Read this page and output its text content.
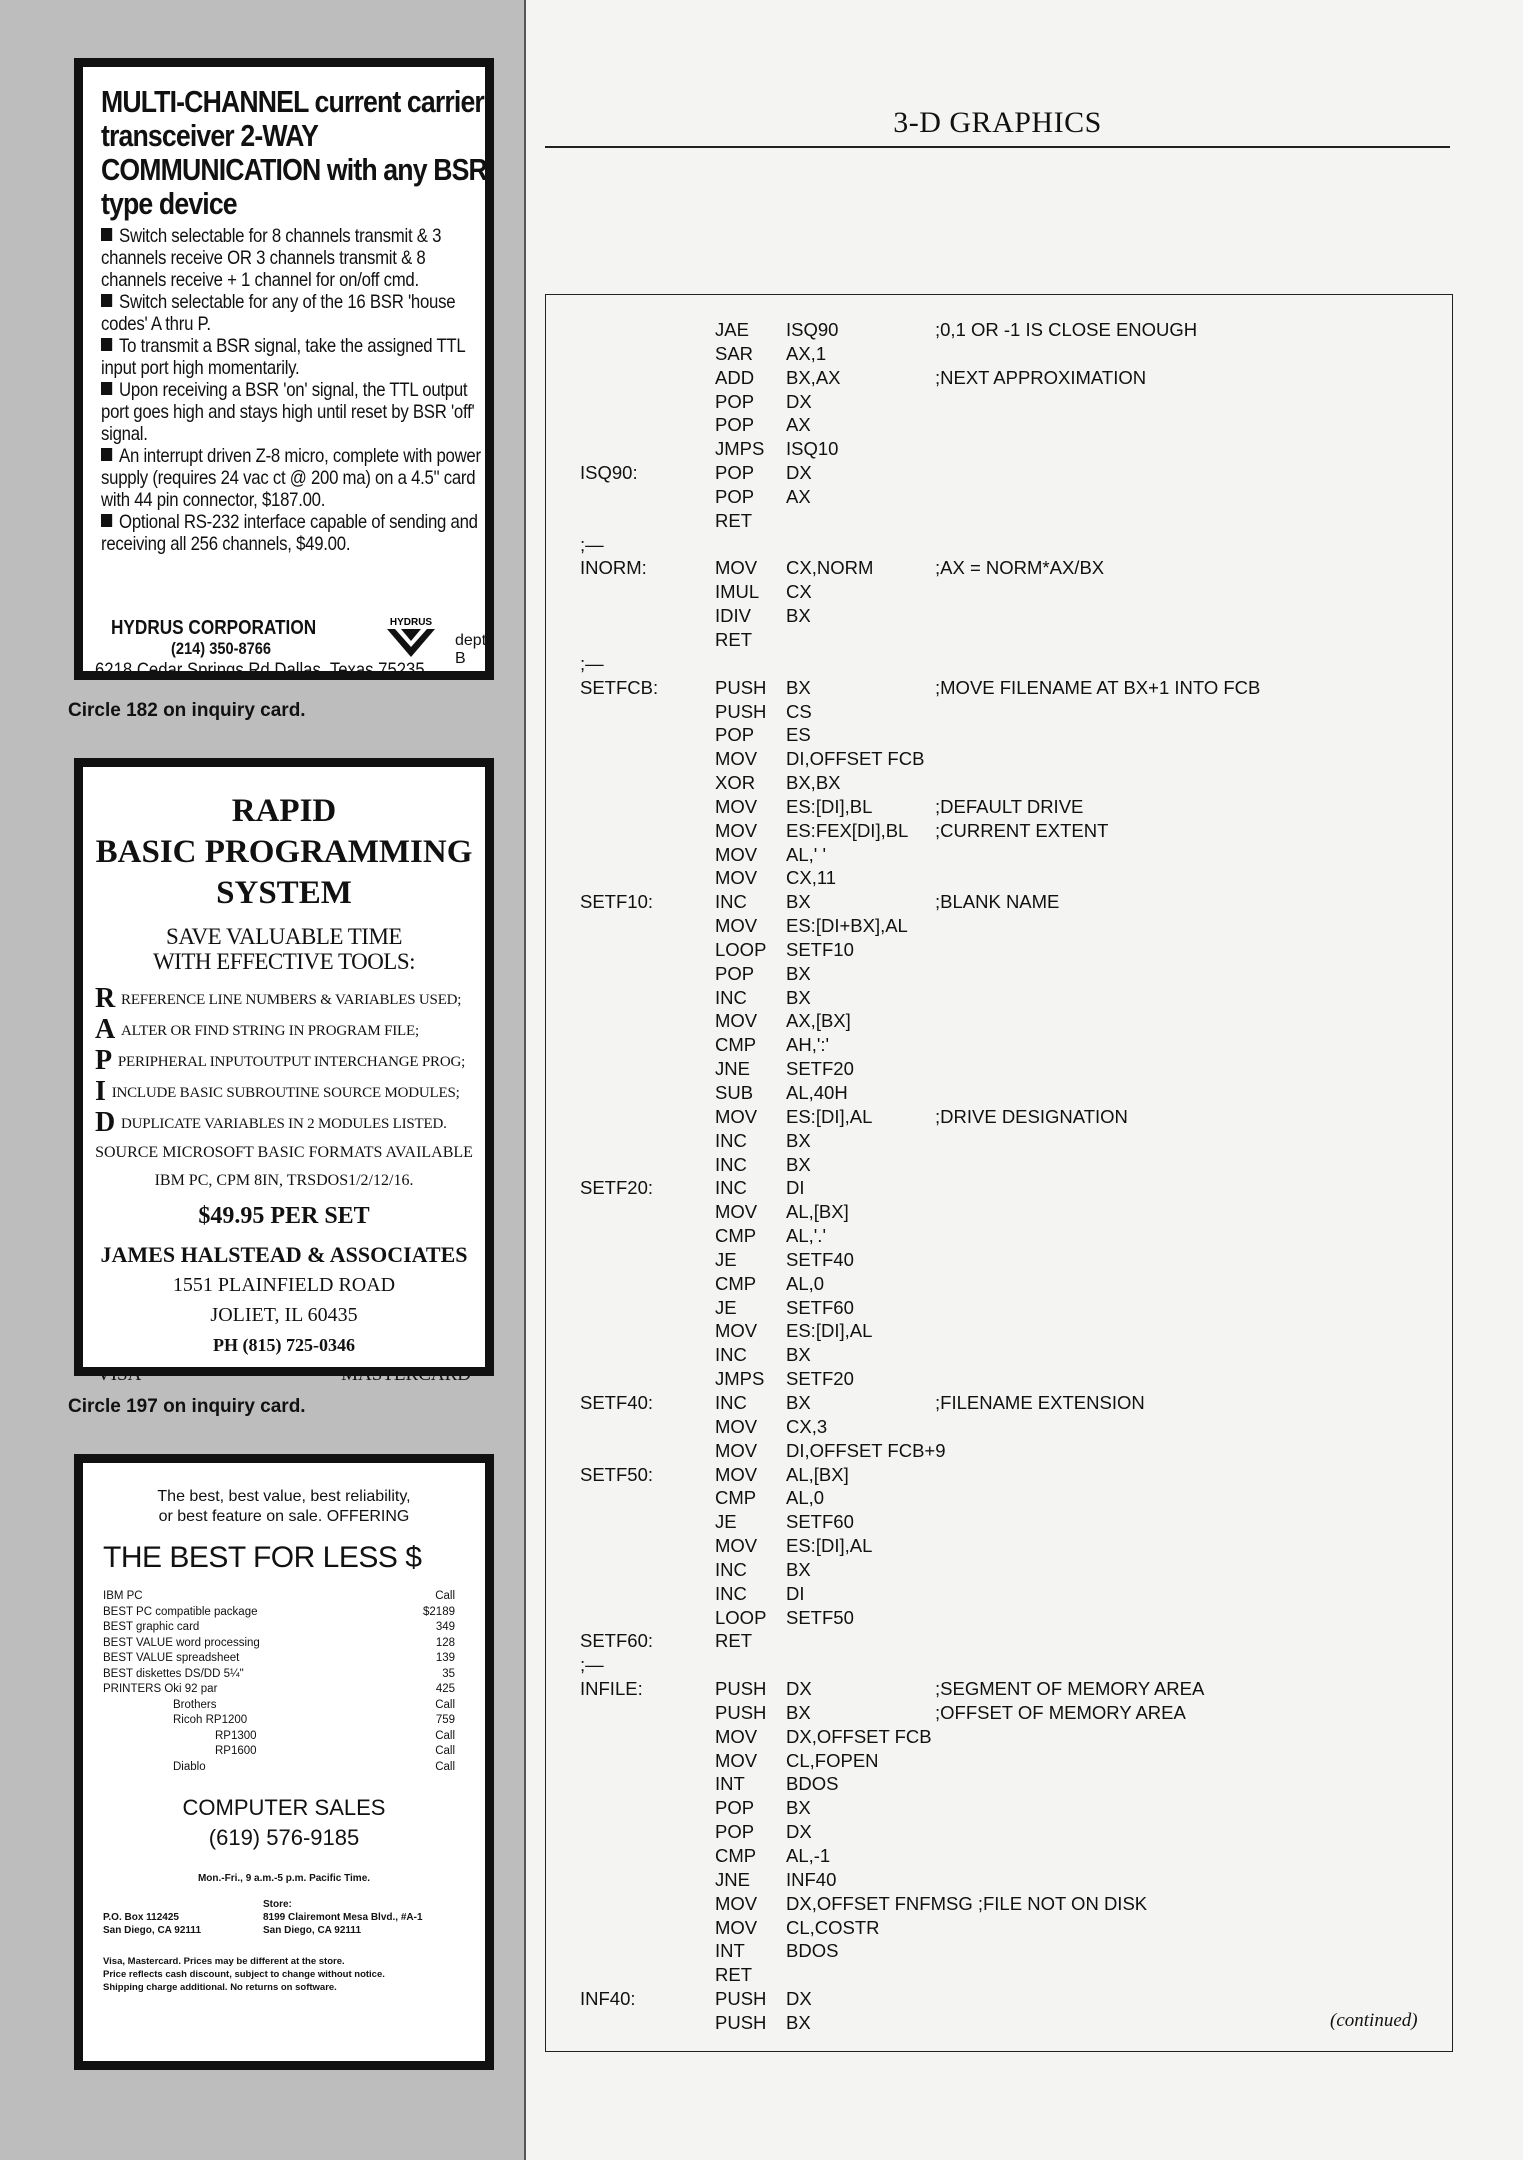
MULTI-CHANNEL current carrier transceiver 2-WAY COMMUNICATION with any BSR type device

Switch selectable for 8 channels transmit & 3 channels receive OR 3 channels transmit & 8 channels receive + 1 channel for on/off cmd.

Switch selectable for any of the 16 BSR 'house codes' A thru P.

To transmit a BSR signal, take the assigned TTL input port high momentarily.

Upon receiving a BSR 'on' signal, the TTL output port goes high and stays high until reset by BSR 'off' signal.

An interrupt driven Z-8 micro, complete with power supply (requires 24 vac ct @ 200 ma) on a 4.5" card with 44 pin connector, $187.00.

Optional RS-232 interface capable of sending and receiving all 256 channels, $49.00.

HYDRUS CORPORATION
(214) 350-8766
HYDRUS
dept. B
6218 Cedar Springs Rd Dallas, Texas 75235
Circle 182 on inquiry card.
RAPID
BASIC PROGRAMMING
SYSTEM
SAVE VALUABLE TIME
WITH EFFECTIVE TOOLS:
RREFERENCE LINE NUMBERS & VARIABLES USED;
AALTER OR FIND STRING IN PROGRAM FILE;
PPERIPHERAL INPUTOUTPUT INTERCHANGE PROG;
IINCLUDE BASIC SUBROUTINE SOURCE MODULES;
DDUPLICATE VARIABLES IN 2 MODULES LISTED.
SOURCE MICROSOFT BASIC FORMATS AVAILABLE
IBM PC, CPM 8IN, TRSDOS1/2/12/16.
$49.95 PER SET
JAMES HALSTEAD & ASSOCIATES
1551 PLAINFIELD ROAD
JOLIET, IL 60435
PH (815) 725-0346
VISA	MASTERCARD
Circle 197 on inquiry card.
The best, best value, best reliability,
or best feature on sale. OFFERING
THE BEST FOR LESS $
IBM PC	Call
BEST PC compatible package	$2189
BEST graphic card	349
BEST VALUE word processing	128
BEST VALUE spreadsheet	139
BEST diskettes DS/DD 5¼"	35
PRINTERS Oki 92 par	425
Brothers	Call
Ricoh RP1200	759
RP1300	Call
RP1600	Call
Diablo	Call
COMPUTER SALES
(619) 576-9185
Mon.-Fri., 9 a.m.-5 p.m. Pacific Time.
P.O. Box 112425
San Diego, CA 92111
Store:
8199 Clairemont Mesa Blvd., #A-1
San Diego, CA 92111
Visa, Mastercard. Prices may be different at the store.
Price reflects cash discount, subject to change without notice.
Shipping charge additional. No returns on software.
3-D GRAPHICS
JAE ISQ90	;0,1 OR -1 IS CLOSE ENOUGH
SAR AX,1
ADD BX,AX	;NEXT APPROXIMATION
POP DX
POP AX
JMPS ISQ10
ISQ90:	POP DX
POP AX
RET
;—
INORM:	MOV CX,NORM	;AX = NORM*AX/BX
IMUL CX
IDIV BX
RET
;—
SETFCB:	PUSH BX	;MOVE FILENAME AT BX+1 INTO FCB
PUSH CS
POP ES
MOV DI,OFFSET FCB
XOR BX,BX
MOV ES:[DI],BL	;DEFAULT DRIVE
MOV ES:FEX[DI],BL ;CURRENT EXTENT
MOV AL,' '
MOV CX,11
SETF10:	INC BX	;BLANK NAME
MOV ES:[DI+BX],AL
LOOP SETF10
POP BX
INC BX
MOV AX,[BX]
CMP AH,':'
JNE SETF20
SUB AL,40H
MOV ES:[DI],AL	;DRIVE DESIGNATION
INC BX
INC BX
SETF20:	INC DI
MOV AL,[BX]
CMP AL,'.'
JE	SETF40
CMP AL,0
JE	SETF60
MOV ES:[DI],AL
INC BX
JMPS SETF20
SETF40:	INC BX	;FILENAME EXTENSION
MOV CX,3
MOV DI,OFFSET FCB+9
SETF50:	MOV AL,[BX]
CMP AL,0
JE	SETF60
MOV ES:[DI],AL
INC BX
INC DI
LOOP SETF50
SETF60:	RET
;—
INFILE:	PUSH DX	;SEGMENT OF MEMORY AREA
PUSH BX	;OFFSET OF MEMORY AREA
MOV DX,OFFSET FCB
MOV CL,FOPEN
INT BDOS
POP BX
POP DX
CMP AL,-1
JNE INF40
MOV DX,OFFSET FNFMSG ;FILE NOT ON DISK
MOV CL,COSTR
INT BDOS
RET
INF40:	PUSH DX
PUSH BX	(continued)
